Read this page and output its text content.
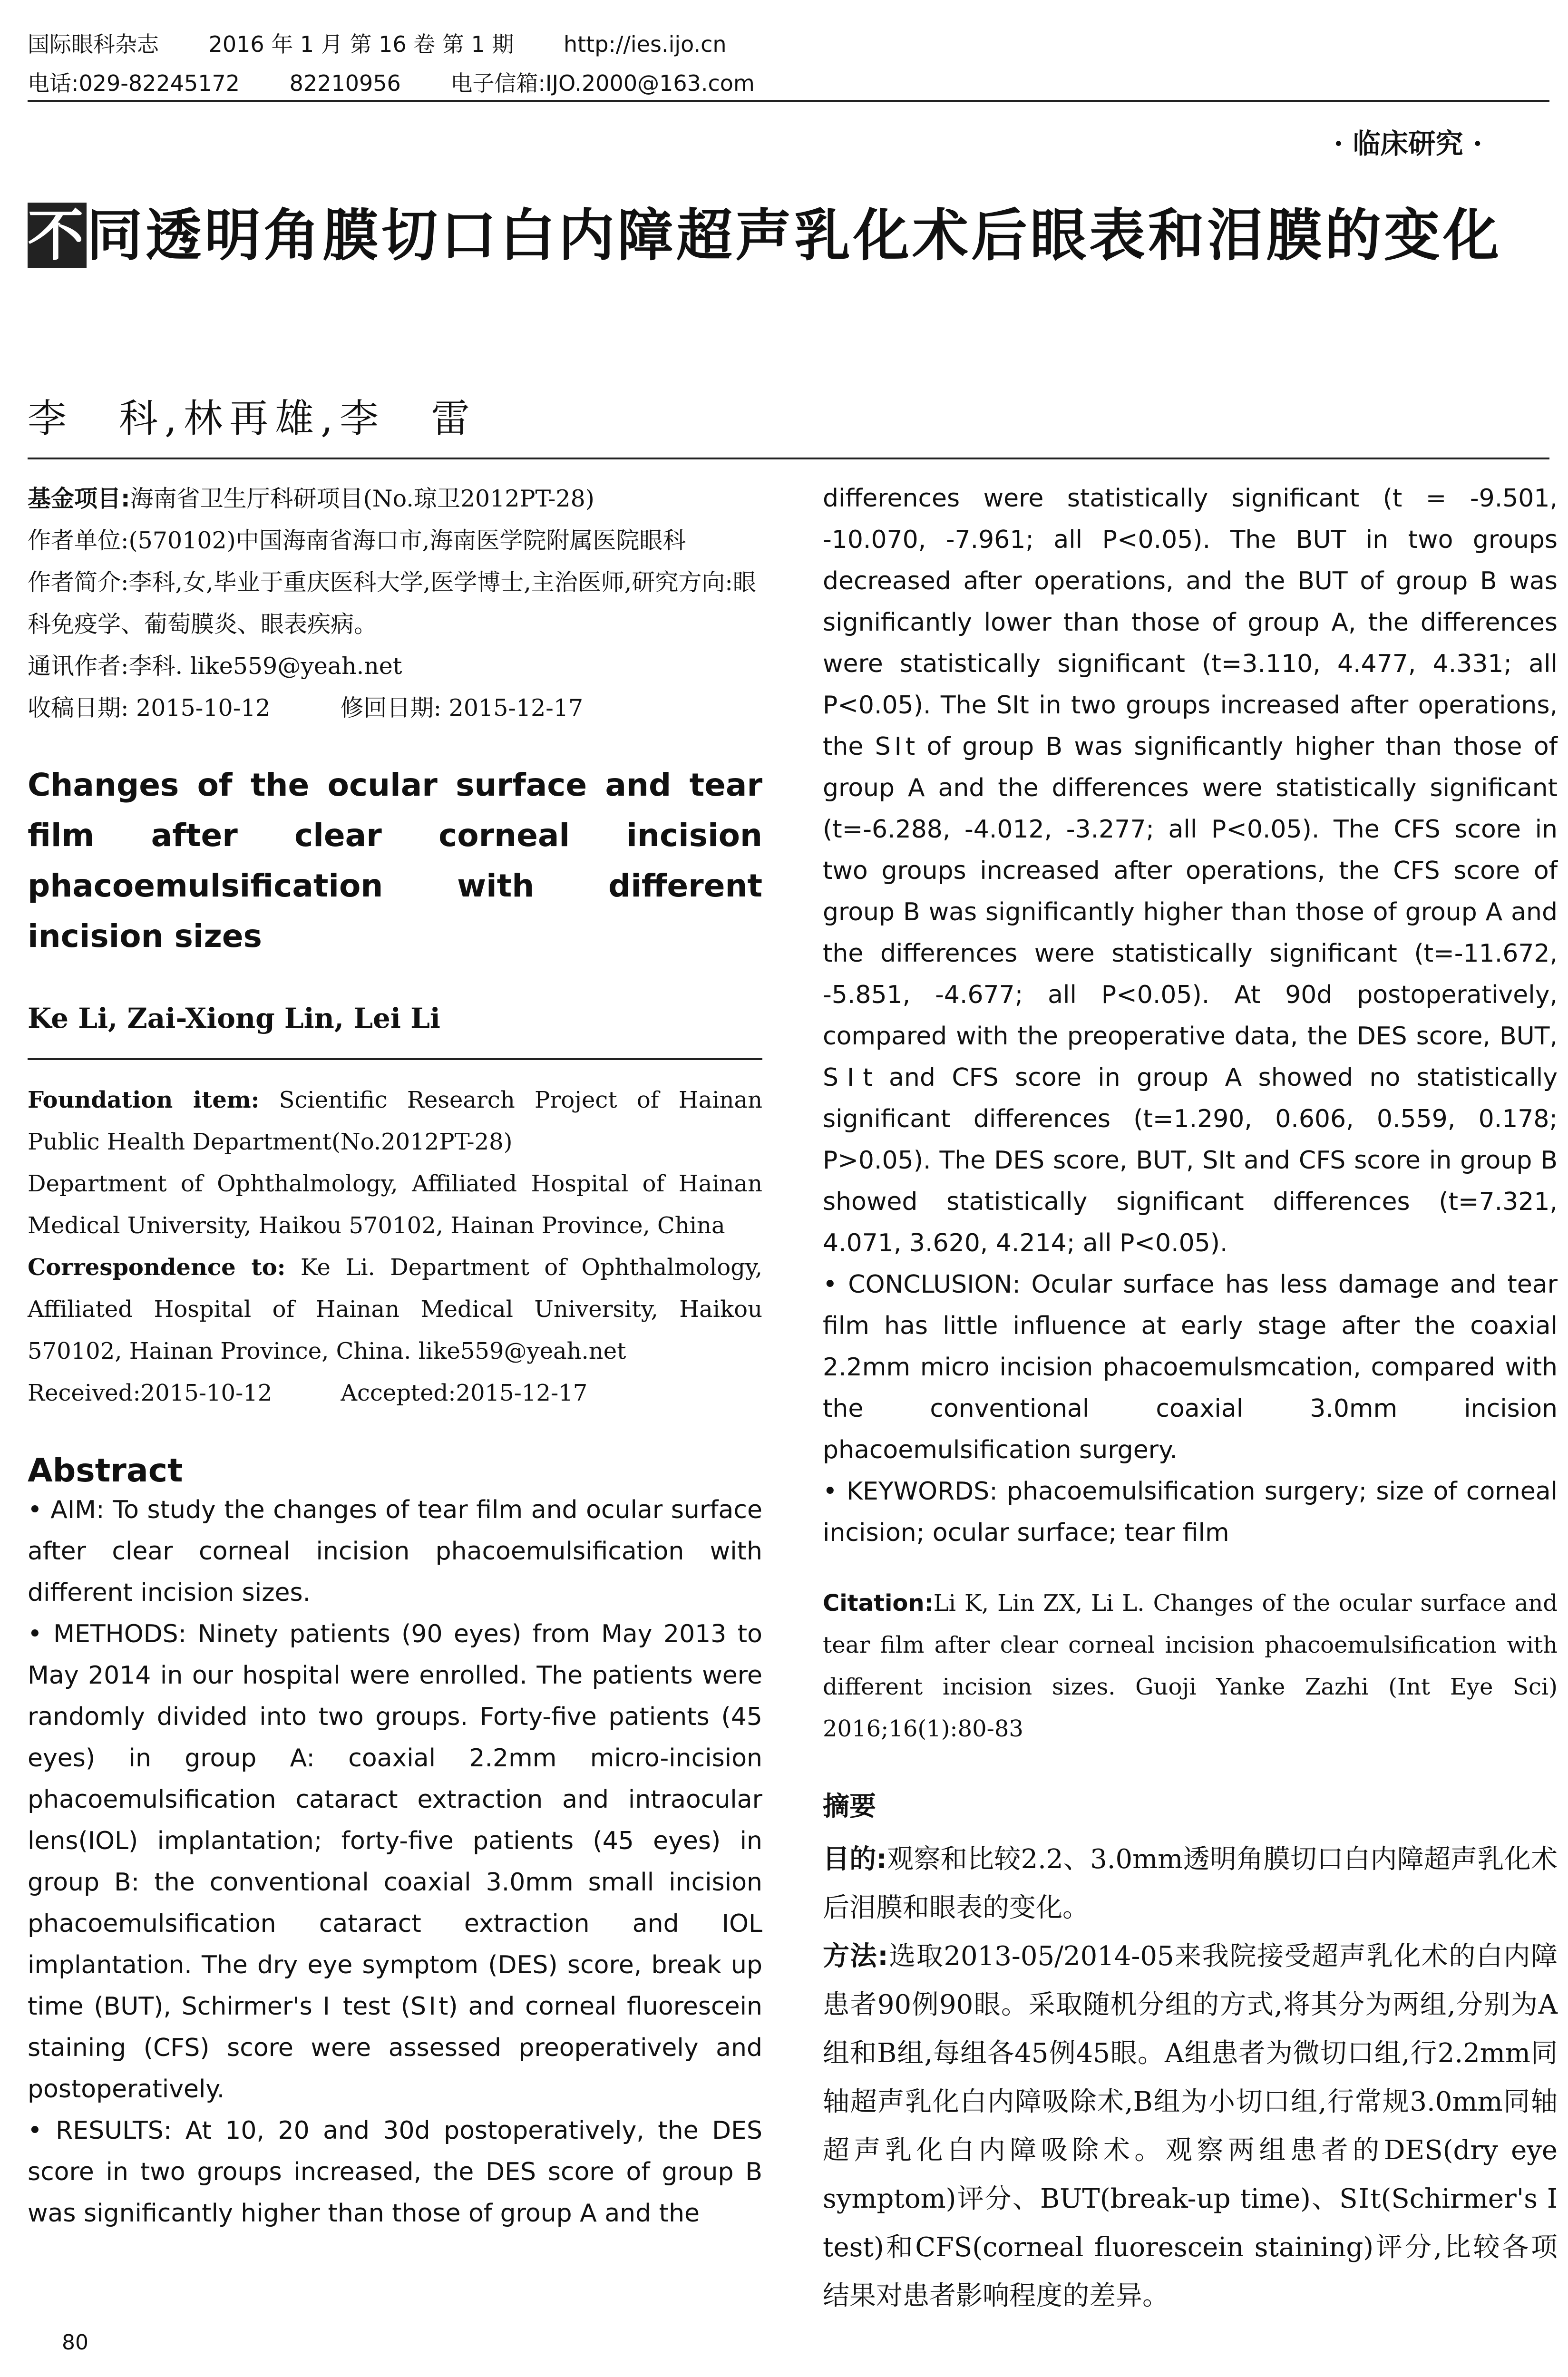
国际眼科杂志 2016 年 1 月 第 16 卷 第 1 期 http://ies.ijo.cn
电话:029-82245172 82210956 电子信箱:IJO.2000@163.com
· 临床研究 ·
不同透明角膜切口白内障超声乳化术后眼表和泪膜的变化
李　科,林再雄,李　雷

基金项目:海南省卫生厅科研项目(No.琼卫2012PT-28)

作者单位:(570102)中国海南省海口市,海南医学院附属医院眼科

作者简介:李科,女,毕业于重庆医科大学,医学博士,主治医师,研究方向:眼科免疫学、葡萄膜炎、眼表疾病。

通讯作者:李科. like559@yeah.net

收稿日期: 2015-10-12　　　修回日期: 2015-12-17

Changes of the ocular surface and tear film after clear corneal incision phacoemulsification with different incision sizes
Ke Li, Zai-Xiong Lin, Lei Li

Foundation item: Scientific Research Project of Hainan Public Health Department(No.2012PT-28)

Department of Ophthalmology, Affiliated Hospital of Hainan Medical University, Haikou 570102, Hainan Province, China

Correspondence to: Ke Li. Department of Ophthalmology, Affiliated Hospital of Hainan Medical University, Haikou 570102, Hainan Province, China. like559@yeah.net

Received:2015-10-12　　　Accepted:2015-12-17

Abstract

• AIM: To study the changes of tear film and ocular surface after clear corneal incision phacoemulsification with different incision sizes.

• METHODS: Ninety patients (90 eyes) from May 2013 to May 2014 in our hospital were enrolled. The patients were randomly divided into two groups. Forty-five patients (45 eyes) in group A: coaxial 2.2mm micro-incision phacoemulsification cataract extraction and intraocular lens(IOL) implantation; forty-five patients (45 eyes) in group B: the conventional coaxial 3.0mm small incision phacoemulsification cataract extraction and IOL implantation. The dry eye symptom (DES) score, break up time (BUT), Schirmer's Ⅰ test (SⅠt) and corneal fluorescein staining (CFS) score were assessed preoperatively and postoperatively.

• RESULTS: At 10, 20 and 30d postoperatively, the DES score in two groups increased, the DES score of group B was significantly higher than those of group A and the

differences were statistically significant (t = -9.501, -10.070, -7.961; all P<0.05). The BUT in two groups decreased after operations, and the BUT of group B was significantly lower than those of group A, the differences were statistically significant (t=3.110, 4.477, 4.331; all P<0.05). The SIt in two groups increased after operations, the SⅠt of group B was significantly higher than those of group A and the differences were statistically significant (t=-6.288, -4.012, -3.277; all P<0.05). The CFS score in two groups increased after operations, the CFS score of group B was significantly higher than those of group A and the differences were statistically significant (t=-11.672, -5.851, -4.677; all P<0.05). At 90d postoperatively, compared with the preoperative data, the DES score, BUT, SⅠt and CFS score in group A showed no statistically significant differences (t=1.290, 0.606, 0.559, 0.178; P>0.05). The DES score, BUT, SIt and CFS score in group B showed statistically significant differences (t=7.321, 4.071, 3.620, 4.214; all P<0.05).

• CONCLUSION: Ocular surface has less damage and tear film has little influence at early stage after the coaxial 2.2mm micro incision phacoemulsmcation, compared with the conventional coaxial 3.0mm incision phacoemulsification surgery.

• KEYWORDS: phacoemulsification surgery; size of corneal incision; ocular surface; tear film

Citation:Li K, Lin ZX, Li L. Changes of the ocular surface and tear film after clear corneal incision phacoemulsification with different incision sizes. Guoji Yanke Zazhi (Int Eye Sci) 2016;16(1):80-83
摘要

目的:观察和比较2.2、3.0mm透明角膜切口白内障超声乳化术后泪膜和眼表的变化。

方法:选取2013-05/2014-05来我院接受超声乳化术的白内障患者90例90眼。采取随机分组的方式,将其分为两组,分别为A组和B组,每组各45例45眼。A组患者为微切口组,行2.2mm同轴超声乳化白内障吸除术,B组为小切口组,行常规3.0mm同轴超声乳化白内障吸除术。观察两组患者的DES(dry eye symptom)评分、BUT(break-up time)、SⅠt(Schirmer's Ⅰ test)和CFS(corneal fluorescein staining)评分,比较各项结果对患者影响程度的差异。

80
